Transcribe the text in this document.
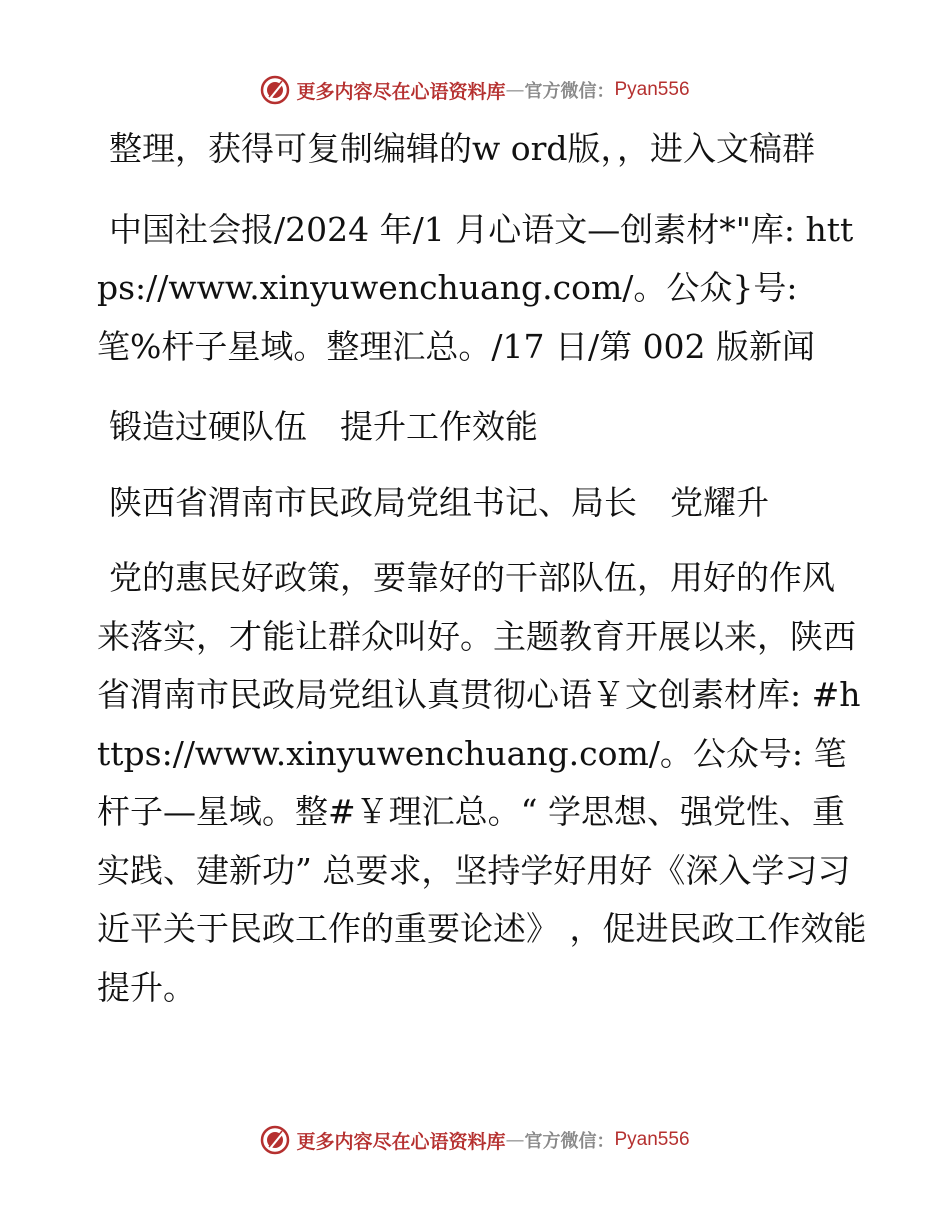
更多内容尽在心语资料库 — 官方微信： Pyan556

整理，获得可复制编辑的w ord版，，进入文稿群

中国社会报/2024 年/1 月心语文—创素材*"库: https://www.xinyuwenchuang.com/。公众}号: 笔%杆子星域。整理汇总。/17 日/第 002 版新闻

锻造过硬队伍　提升工作效能

陕西省渭南市民政局党组书记、局长　党耀升

党的惠民好政策，要靠好的干部队伍，用好的作风来落实，才能让群众叫好。主题教育开展以来，陕西省渭南市民政局党组认真贯彻心语￥文创素材库: #https://www.xinyuwenchuang.com/。公众号: 笔杆子—星域。整#￥理汇总。“ 学思想、强党性、重实践、建新功” 总要求，坚持学好用好《深入学习习近平关于民政工作的重要论述》 ，促进民政工作效能提升。

更多内容尽在心语资料库 — 官方微信： Pyan556
